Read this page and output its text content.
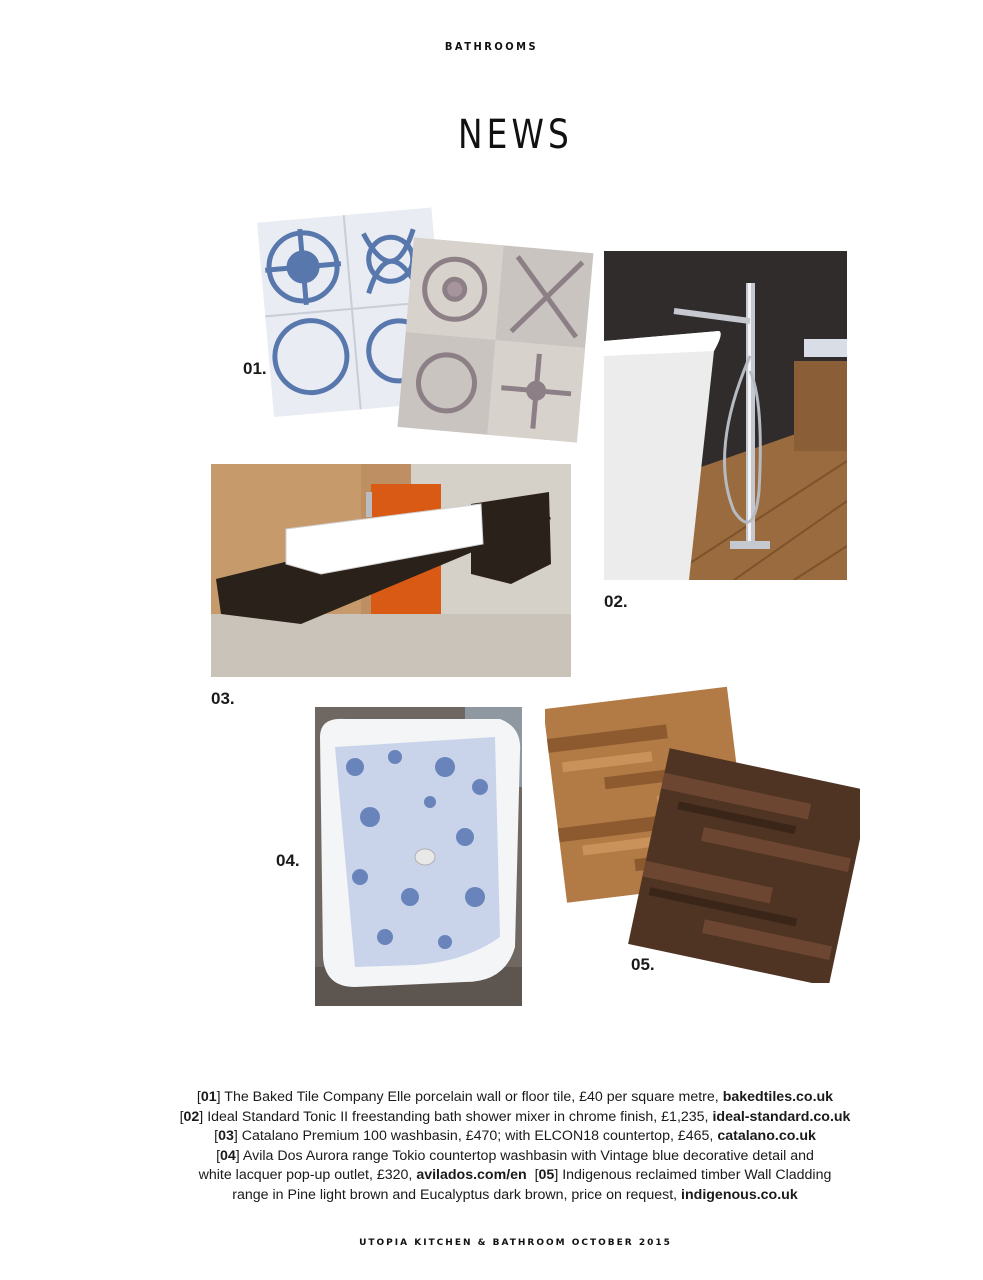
BATHROOMS
NEWS
01.
02.
03.
04.
05.
[01] The Baked Tile Company Elle porcelain wall or floor tile, £40 per square metre, bakedtiles.co.uk
[02] Ideal Standard Tonic II freestanding bath shower mixer in chrome finish, £1,235, ideal-standard.co.uk
[03] Catalano Premium 100 washbasin, £470; with ELCON18 countertop, £465, catalano.co.uk
[04] Avila Dos Aurora range Tokio countertop washbasin with Vintage blue decorative detail and
white lacquer pop-up outlet, £320, avilados.com/en  [05] Indigenous reclaimed timber Wall Cladding
range in Pine light brown and Eucalyptus dark brown, price on request, indigenous.co.uk
UTOPIA KITCHEN & BATHROOM OCTOBER 2015
